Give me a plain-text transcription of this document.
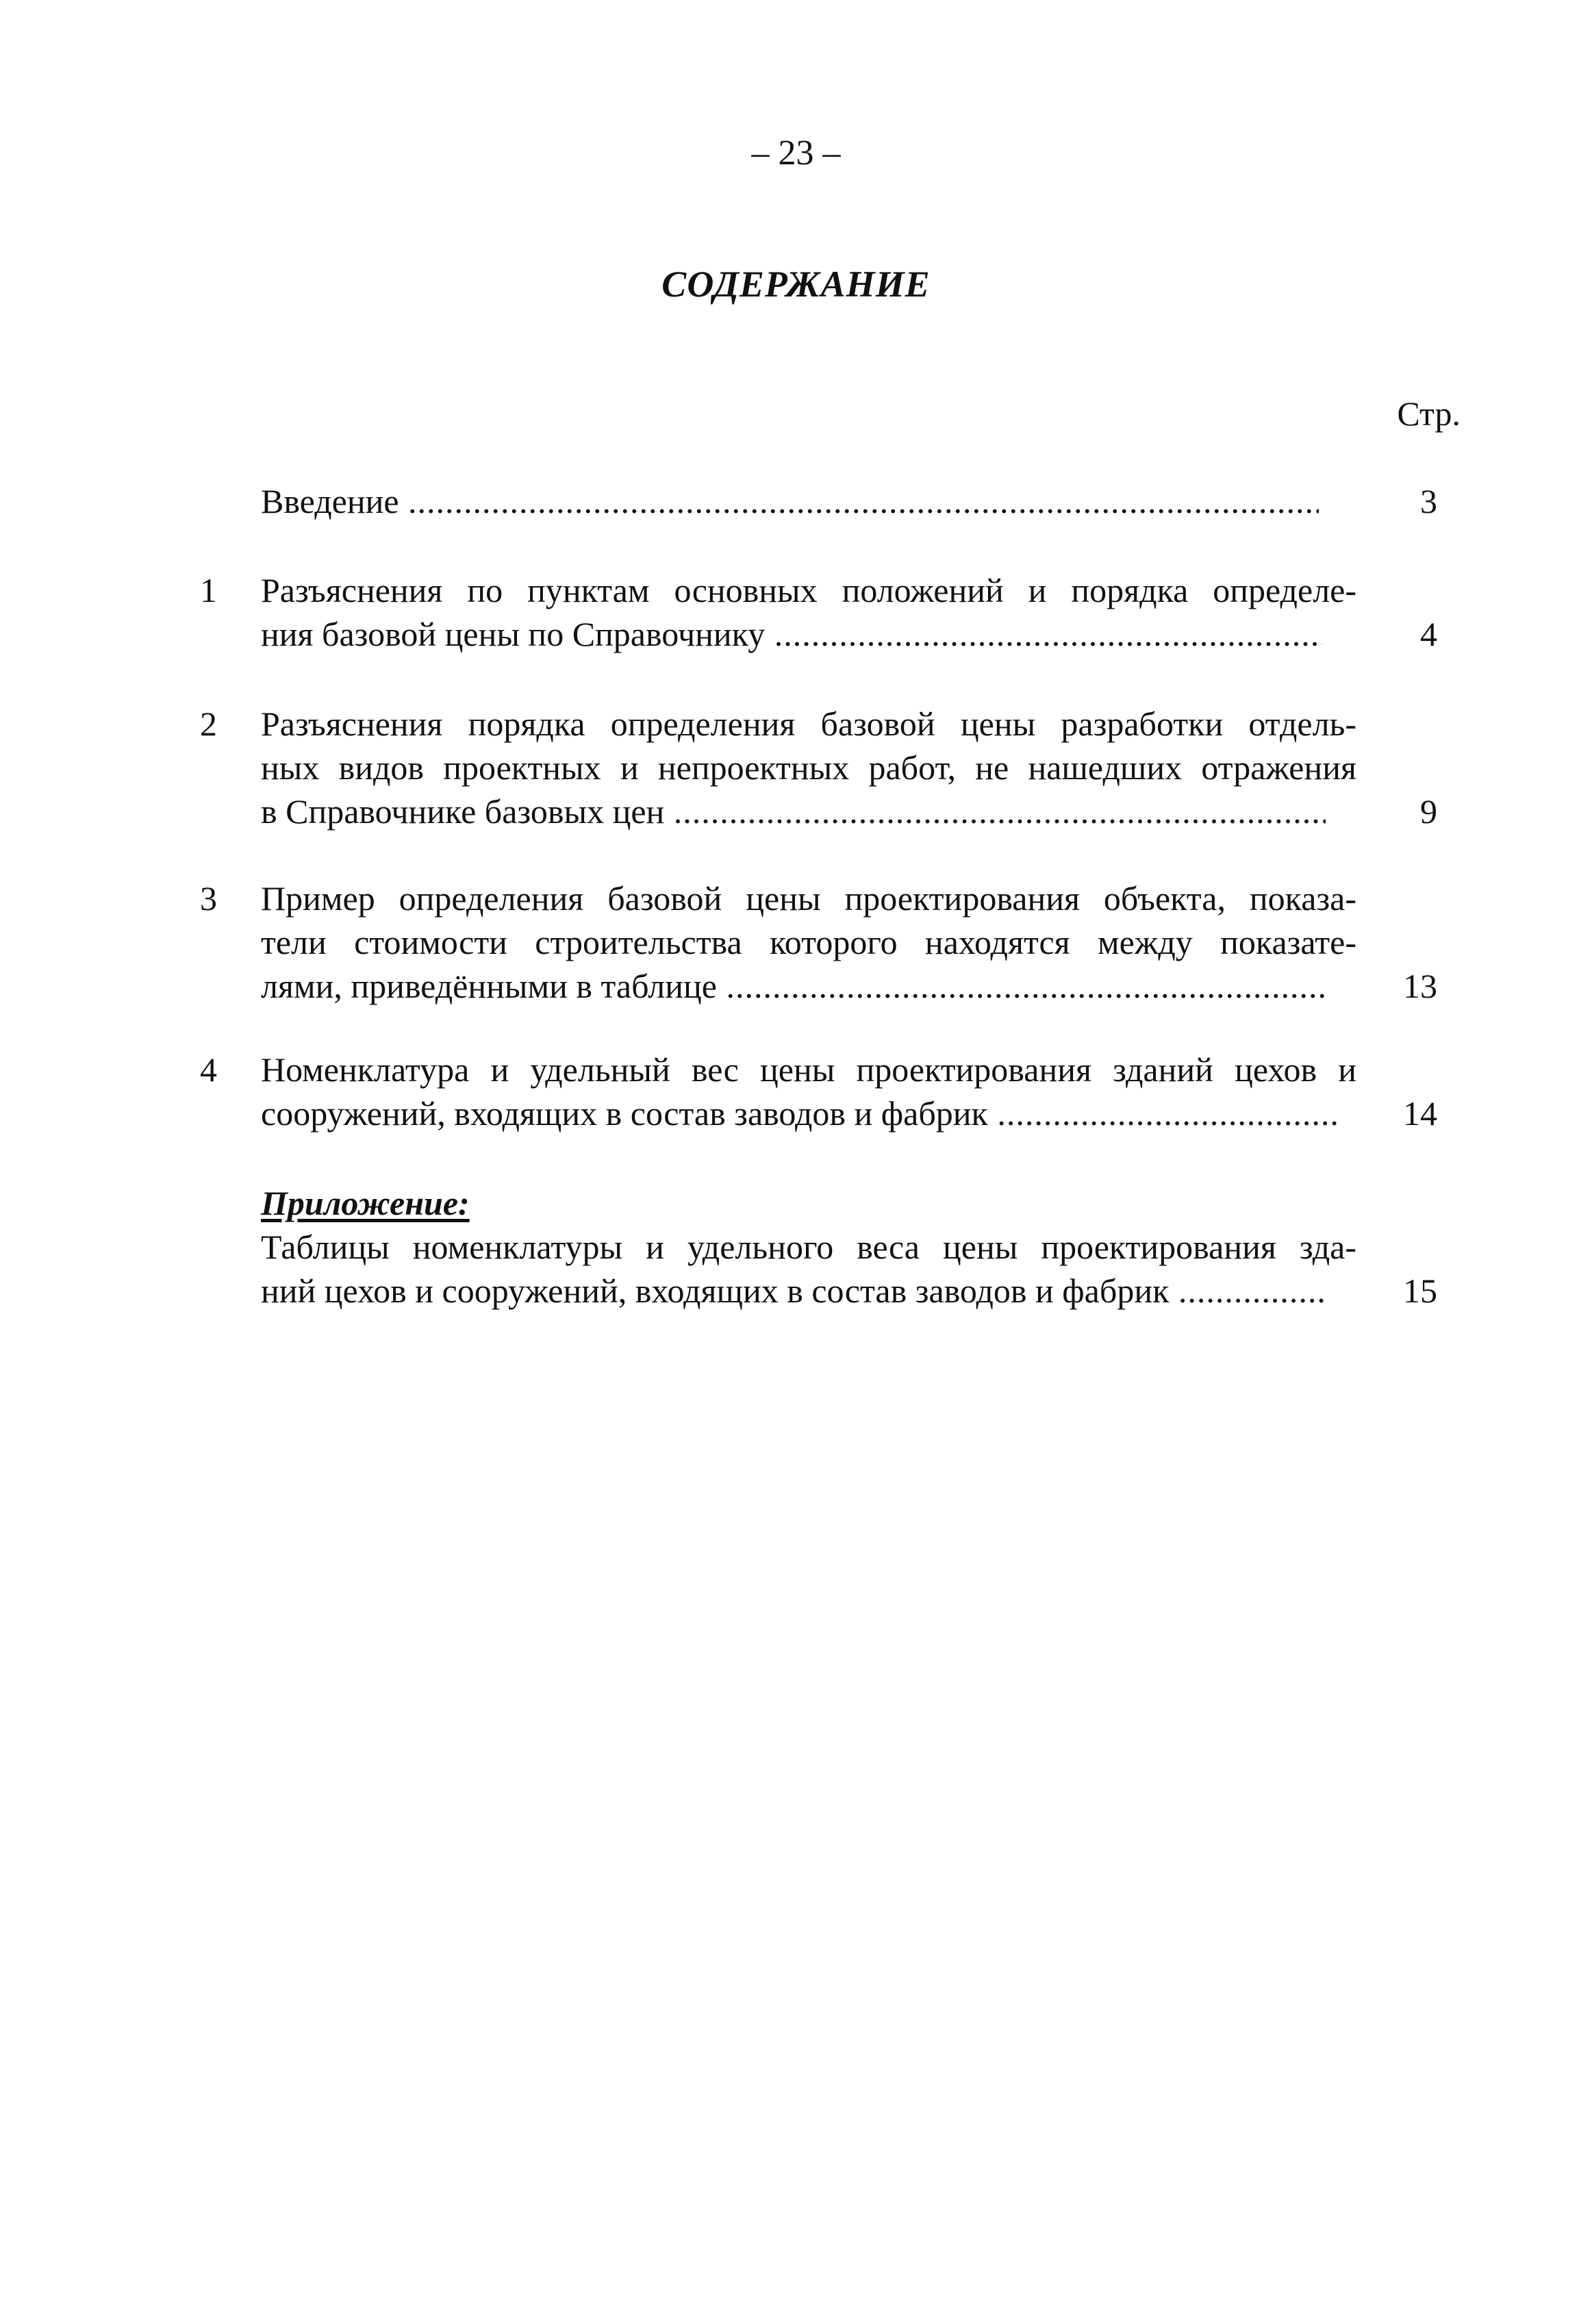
– 23 –
СОДЕРЖАНИЕ
Стр.
Введение .....	3
1 Разъяснения по пунктам основных положений и порядка определе-
ния базовой цены по Справочнику .....	4
2 Разъяснения порядка определения базовой цены разработки отдель-
ных видов проектных и непроектных работ, не нашедших отражения
в Справочнике базовых цен .....	9
3 Пример определения базовой цены проектирования объекта, показа-
тели стоимости строительства которого находятся между показате-
лями, приведёнными в таблице .....	13
4 Номенклатура и удельный вес цены проектирования зданий цехов и
сооружений, входящих в состав заводов и фабрик .....	14
Приложение:
Таблицы номенклатуры и удельного веса цены проектирования зда-
ний цехов и сооружений, входящих в состав заводов и фабрик .....	15
